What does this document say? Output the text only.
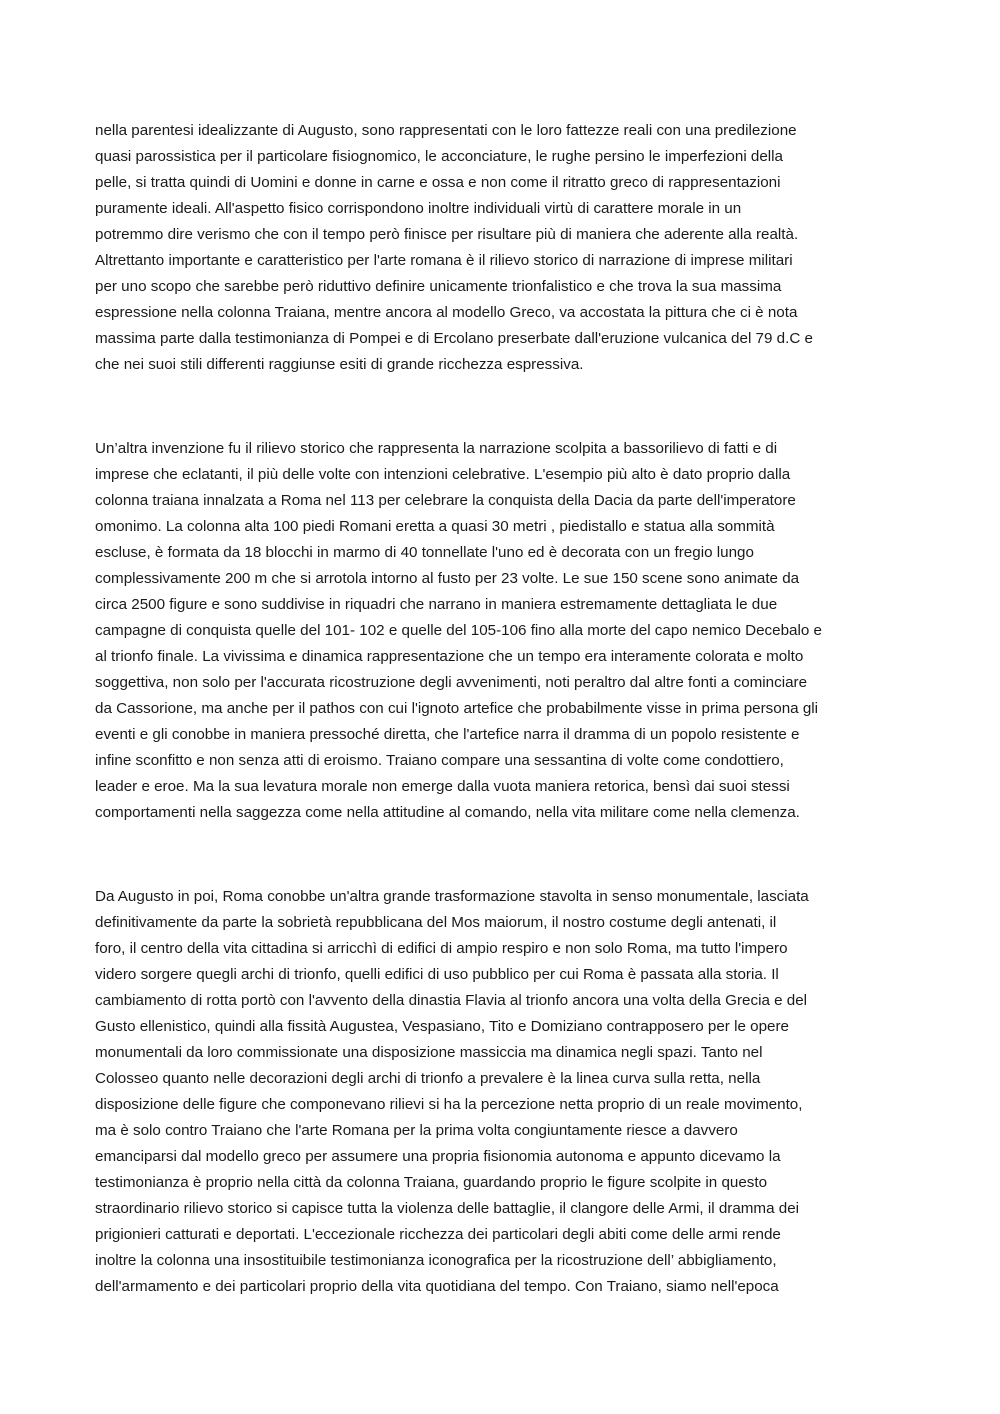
nella parentesi idealizzante di Augusto, sono rappresentati con le loro fattezze reali con una predilezione
quasi parossistica per il particolare fisiognomico, le acconciature, le rughe persino le imperfezioni della
pelle, si tratta quindi di Uomini e donne in carne e ossa e non come il ritratto greco di rappresentazioni
puramente ideali. All'aspetto fisico corrispondono inoltre individuali virtù di carattere morale in un
potremmo dire verismo che con il tempo però finisce per risultare più di maniera che aderente alla realtà.
Altrettanto importante e caratteristico per l'arte romana è il rilievo storico di narrazione di imprese militari
per uno scopo che sarebbe però riduttivo definire unicamente trionfalistico e che trova la sua massima
espressione nella colonna Traiana, mentre ancora al modello Greco, va accostata la pittura che ci è nota
massima parte dalla testimonianza di Pompei e di Ercolano preserbate dall'eruzione vulcanica del 79 d.C e
che nei suoi stili differenti raggiunse esiti di grande ricchezza espressiva.
Un’altra invenzione fu il rilievo storico che rappresenta la narrazione scolpita a bassorilievo di fatti e di
imprese che eclatanti, il più delle volte con intenzioni celebrative. L'esempio più alto è dato proprio dalla
colonna traiana innalzata a Roma nel 113 per celebrare la conquista della Dacia da parte dell'imperatore
omonimo. La colonna alta 100 piedi Romani eretta a quasi 30 metri , piedistallo e statua alla sommità
escluse, è formata da 18 blocchi in marmo di 40 tonnellate l'uno ed è decorata con un fregio lungo
complessivamente 200 m che si arrotola intorno al fusto per 23 volte. Le sue 150 scene sono animate da
circa 2500 figure e sono suddivise in riquadri che narrano in maniera estremamente dettagliata le due
campagne di conquista quelle del 101- 102 e quelle del 105-106 fino alla morte del capo nemico Decebalo e
al trionfo finale. La vivissima e dinamica rappresentazione che un tempo era interamente colorata e molto
soggettiva, non solo per l'accurata ricostruzione degli avvenimenti, noti peraltro dal altre fonti a cominciare
da Cassorione, ma anche per il pathos con cui l'ignoto artefice che probabilmente visse in prima persona gli
eventi e gli conobbe in maniera pressoché diretta, che l'artefice narra il dramma di un popolo resistente e
infine sconfitto e non senza atti di eroismo. Traiano compare una sessantina di volte come condottiero,
leader e eroe. Ma la sua levatura morale non emerge dalla vuota maniera retorica, bensì dai suoi stessi
comportamenti nella saggezza come nella attitudine al comando, nella vita militare come nella clemenza.
Da Augusto in poi, Roma conobbe un'altra grande trasformazione stavolta in senso monumentale, lasciata
definitivamente da parte la sobrietà repubblicana del Mos maiorum, il nostro costume degli antenati, il
foro, il centro della vita cittadina si arricchì di edifici di ampio respiro e non solo Roma, ma tutto l'impero
videro sorgere quegli archi di trionfo, quelli edifici di uso pubblico per cui Roma è passata alla storia. Il
cambiamento di rotta portò con l'avvento della dinastia Flavia al trionfo ancora una volta della Grecia e del
Gusto ellenistico, quindi alla fissità Augustea, Vespasiano, Tito e Domiziano contrapposero per le opere
monumentali da loro commissionate una disposizione massiccia ma dinamica negli spazi. Tanto nel
Colosseo quanto nelle decorazioni degli archi di trionfo a prevalere è la linea curva sulla retta, nella
disposizione delle figure che componevano rilievi si ha la percezione netta proprio di un reale movimento,
ma è solo contro Traiano che l'arte Romana per la prima volta congiuntamente riesce a davvero
emanciparsi dal modello greco per assumere una propria fisionomia autonoma e appunto dicevamo la
testimonianza è proprio nella città da colonna Traiana, guardando proprio le figure scolpite in questo
straordinario rilievo storico si capisce tutta la violenza delle battaglie, il clangore delle Armi, il dramma dei
prigionieri catturati e deportati. L'eccezionale ricchezza dei particolari degli abiti come delle armi rende
inoltre la colonna una insostituibile testimonianza iconografica per la ricostruzione dell’ abbigliamento,
dell'armamento e dei particolari proprio della vita quotidiana del tempo. Con Traiano, siamo nell'epoca
